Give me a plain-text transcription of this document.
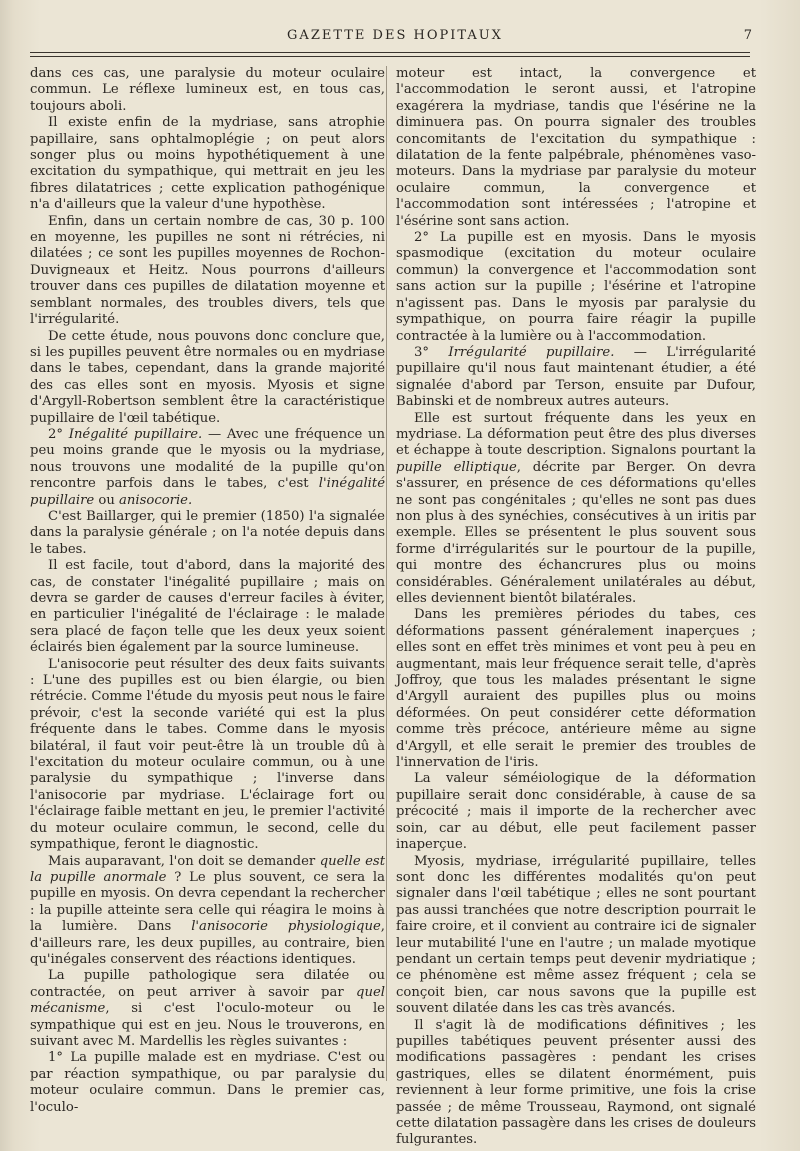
GAZETTE DES HOPITAUX	7

dans ces cas, une paralysie du moteur oculaire commun. Le réflexe lumineux est, en tous cas, toujours aboli.

Il existe enfin de la mydriase, sans atrophie papillaire, sans ophtalmoplégie ; on peut alors songer plus ou moins hypothétiquement à une excitation du sympathique, qui mettrait en jeu les fibres dilatatrices ; cette explication pathogénique n'a d'ailleurs que la valeur d'une hypothèse.

Enfin, dans un certain nombre de cas, 30 p. 100 en moyenne, les pupilles ne sont ni rétrécies, ni dilatées ; ce sont les pupilles moyennes de Rochon-Duvigneaux et Heitz. Nous pourrons d'ailleurs trouver dans ces pupilles de dilatation moyenne et semblant normales, des troubles divers, tels que l'irrégularité.

De cette étude, nous pouvons donc conclure que, si les pupilles peuvent être normales ou en mydriase dans le tabes, cependant, dans la grande majorité des cas elles sont en myosis. Myosis et signe d'Argyll-Robertson semblent être la caractéristique pupillaire de l'œil tabétique.

2° Inégalité pupillaire. — Avec une fréquence un peu moins grande que le myosis ou la mydriase, nous trouvons une modalité de la pupille qu'on rencontre parfois dans le tabes, c'est l'inégalité pupillaire ou anisocorie.

C'est Baillarger, qui le premier (1850) l'a signalée dans la paralysie générale ; on l'a notée depuis dans le tabes.

Il est facile, tout d'abord, dans la majorité des cas, de constater l'inégalité pupillaire ; mais on devra se garder de causes d'erreur faciles à éviter, en particulier l'inégalité de l'éclairage : le malade sera placé de façon telle que les deux yeux soient éclairés bien également par la source lumineuse.

L'anisocorie peut résulter des deux faits suivants : L'une des pupilles est ou bien élargie, ou bien rétrécie. Comme l'étude du myosis peut nous le faire prévoir, c'est la seconde variété qui est la plus fréquente dans le tabes. Comme dans le myosis bilatéral, il faut voir peut-être là un trouble dû à l'excitation du moteur oculaire commun, ou à une paralysie du sympathique ; l'inverse dans l'anisocorie par mydriase. L'éclairage fort ou l'éclairage faible mettant en jeu, le premier l'activité du moteur oculaire commun, le second, celle du sympathique, feront le diagnostic.

Mais auparavant, l'on doit se demander quelle est la pupille anormale ? Le plus souvent, ce sera la pupille en myosis. On devra cependant la rechercher : la pupille atteinte sera celle qui réagira le moins à la lumière. Dans l'anisocorie physiologique, d'ailleurs rare, les deux pupilles, au contraire, bien qu'inégales conservent des réactions identiques.

La pupille pathologique sera dilatée ou contractée, on peut arriver à savoir par quel mécanisme, si c'est l'oculo-moteur ou le sympathique qui est en jeu. Nous le trouverons, en suivant avec M. Mardellis les règles suivantes :

1° La pupille malade est en mydriase. C'est ou par réaction sympathique, ou par paralysie du moteur oculaire commun. Dans le premier cas, l'oculo-

moteur est intact, la convergence et l'accommodation le seront aussi, et l'atropine exagérera la mydriase, tandis que l'ésérine ne la diminuera pas. On pourra signaler des troubles concomitants de l'excitation du sympathique : dilatation de la fente palpébrale, phénomènes vaso-moteurs. Dans la mydriase par paralysie du moteur oculaire commun, la convergence et l'accommodation sont intéressées ; l'atropine et l'ésérine sont sans action.

2° La pupille est en myosis. Dans le myosis spasmodique (excitation du moteur oculaire commun) la convergence et l'accommodation sont sans action sur la pupille ; l'ésérine et l'atropine n'agissent pas. Dans le myosis par paralysie du sympathique, on pourra faire réagir la pupille contractée à la lumière ou à l'accommodation.

3° Irrégularité pupillaire. — L'irrégularité pupillaire qu'il nous faut maintenant étudier, a été signalée d'abord par Terson, ensuite par Dufour, Babinski et de nombreux autres auteurs.

Elle est surtout fréquente dans les yeux en mydriase. La déformation peut être des plus diverses et échappe à toute description. Signalons pourtant la pupille elliptique, décrite par Berger. On devra s'assurer, en présence de ces déformations qu'elles ne sont pas congénitales ; qu'elles ne sont pas dues non plus à des synéchies, consécutives à un iritis par exemple. Elles se présentent le plus souvent sous forme d'irrégularités sur le pourtour de la pupille, qui montre des échancrures plus ou moins considérables. Généralement unilatérales au début, elles deviennent bientôt bilatérales.

Dans les premières périodes du tabes, ces déformations passent généralement inaperçues ; elles sont en effet très minimes et vont peu à peu en augmentant, mais leur fréquence serait telle, d'après Joffroy, que tous les malades présentant le signe d'Argyll auraient des pupilles plus ou moins déformées. On peut considérer cette déformation comme très précoce, antérieure même au signe d'Argyll, et elle serait le premier des troubles de l'innervation de l'iris.

La valeur séméiologique de la déformation pupillaire serait donc considérable, à cause de sa précocité ; mais il importe de la rechercher avec soin, car au début, elle peut facilement passer inaperçue.

Myosis, mydriase, irrégularité pupillaire, telles sont donc les différentes modalités qu'on peut signaler dans l'œil tabétique ; elles ne sont pourtant pas aussi tranchées que notre description pourrait le faire croire, et il convient au contraire ici de signaler leur mutabilité l'une en l'autre ; un malade myotique pendant un certain temps peut devenir mydriatique ; ce phénomène est même assez fréquent ; cela se conçoit bien, car nous savons que la pupille est souvent dilatée dans les cas très avancés.

Il s'agit là de modifications définitives ; les pupilles tabétiques peuvent présenter aussi des modifications passagères : pendant les crises gastriques, elles se dilatent énormément, puis reviennent à leur forme primitive, une fois la crise passée ; de même Trousseau, Raymond, ont signalé cette dilatation passagère dans les crises de douleurs fulgurantes.
